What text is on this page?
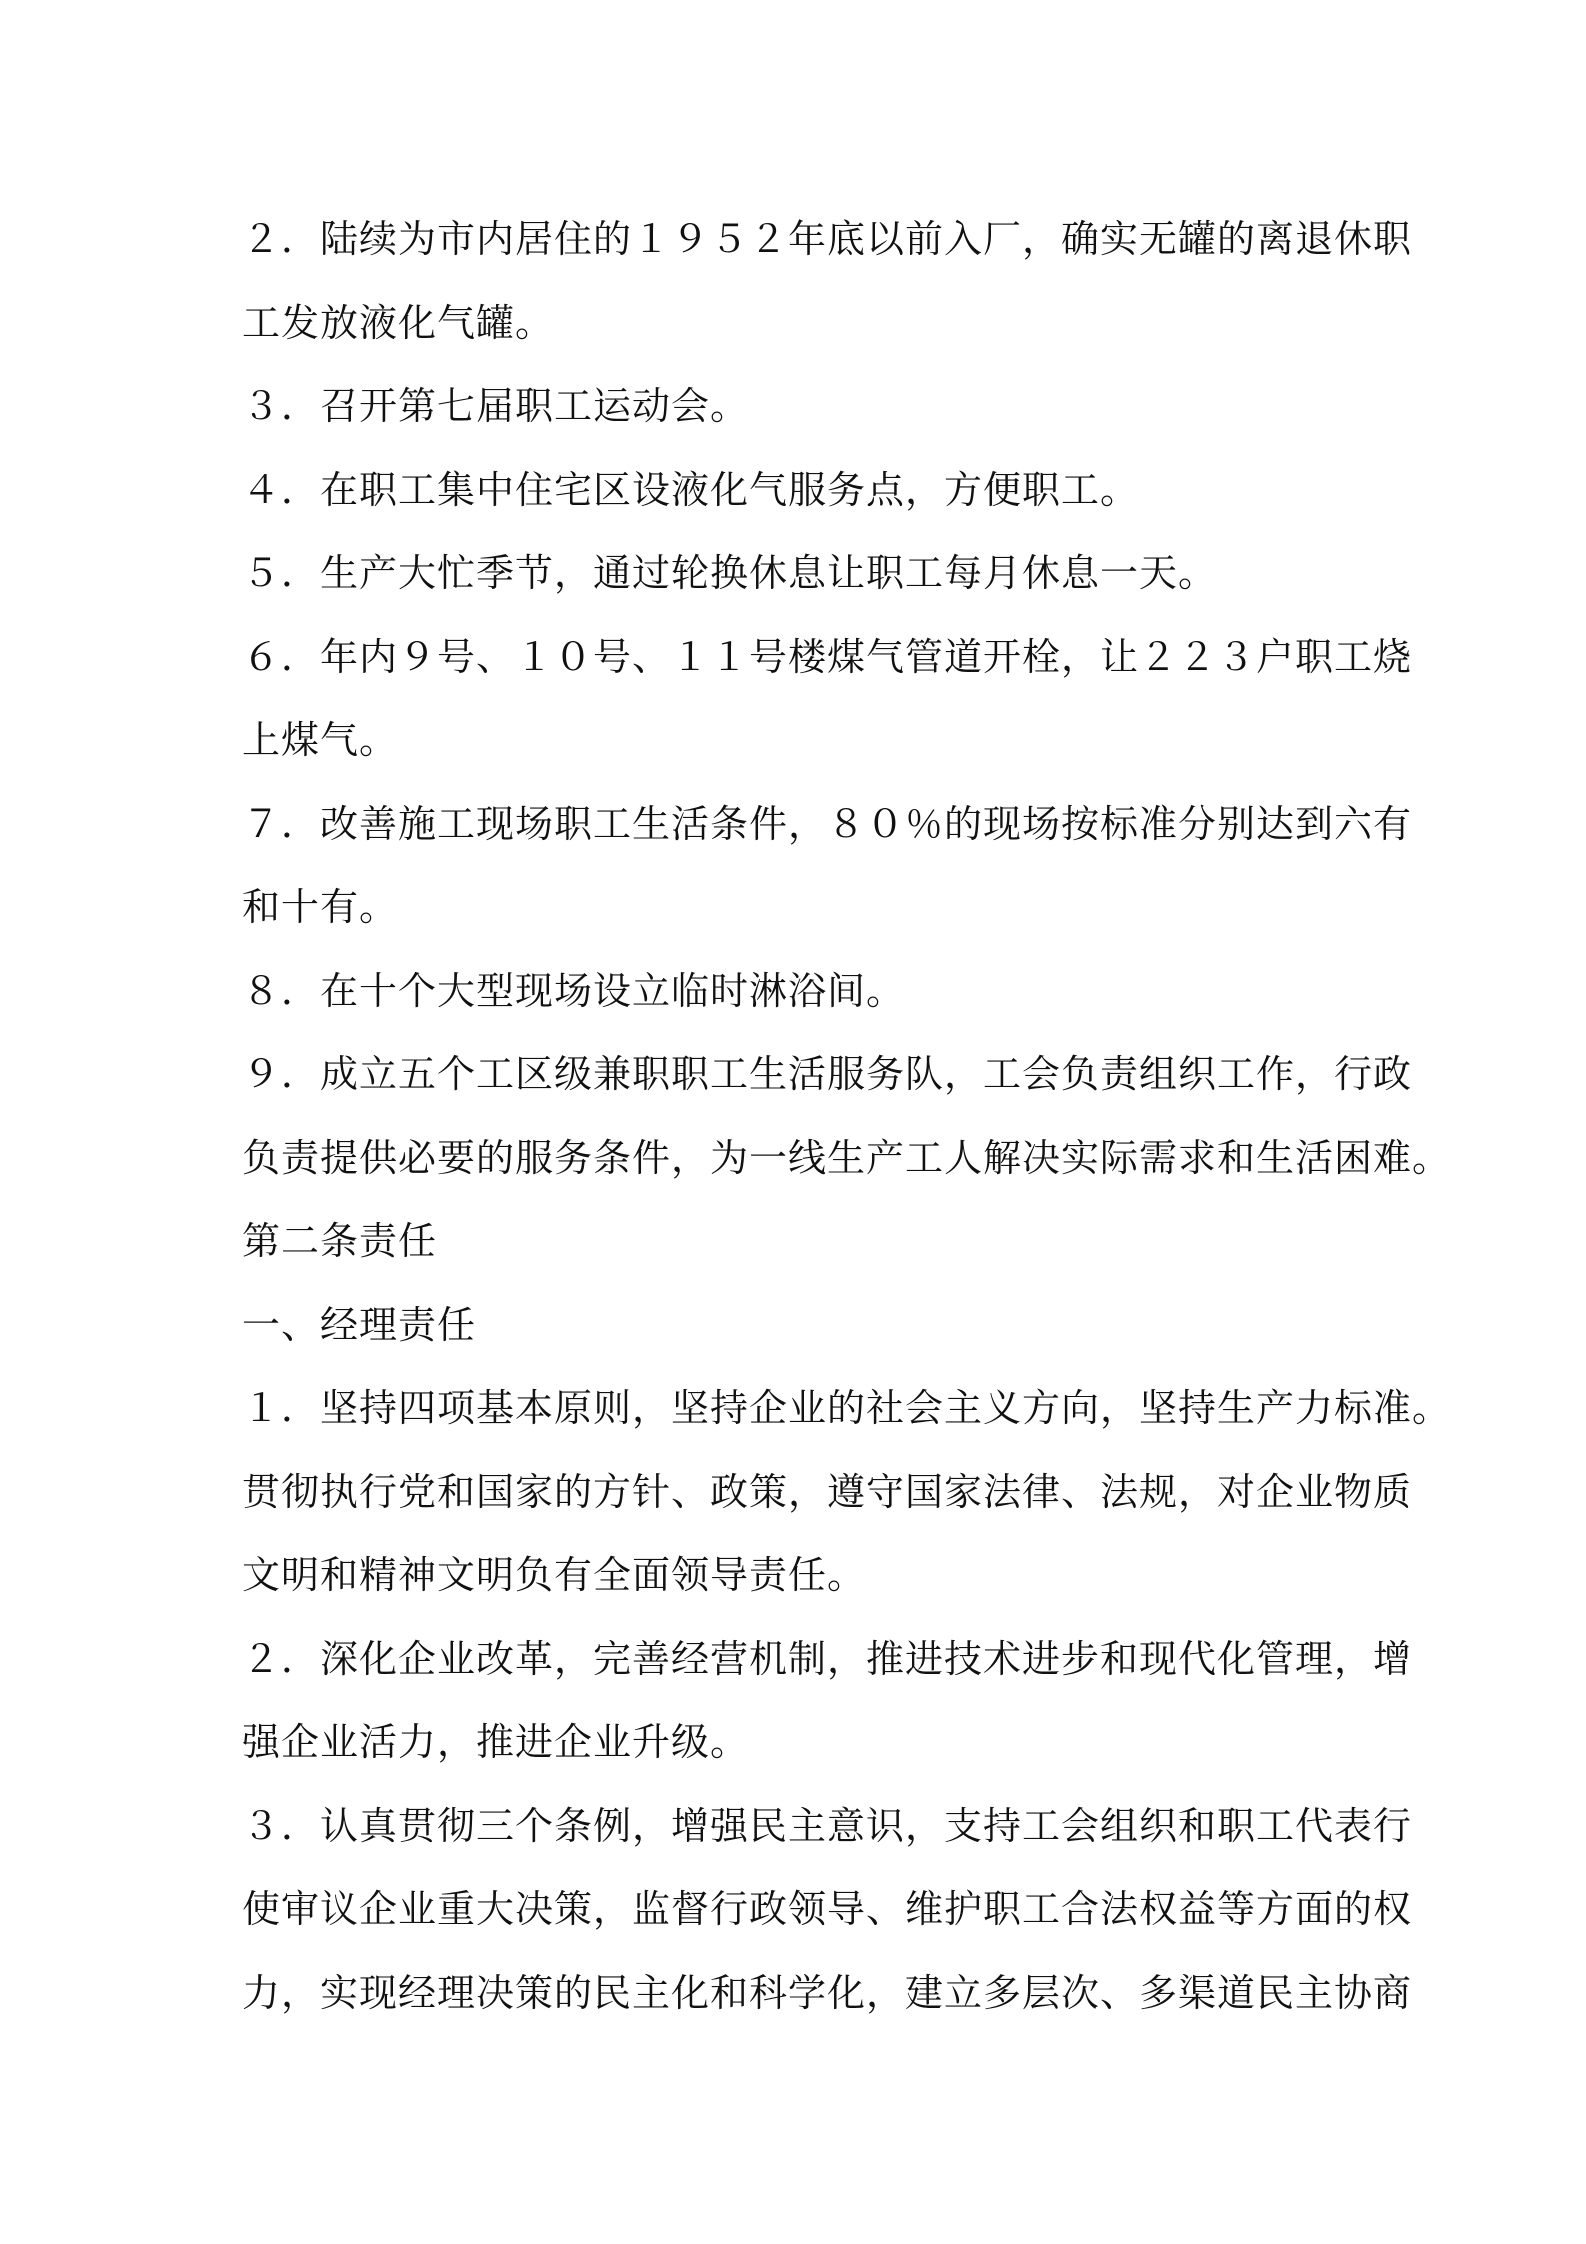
２．陆续为市内居住的１９５２年底以前入厂，确实无罐的离退休职
工发放液化气罐。
３．召开第七届职工运动会。
４．在职工集中住宅区设液化气服务点，方便职工。
５．生产大忙季节，通过轮换休息让职工每月休息一天。
６．年内９号、１０号、１１号楼煤气管道开栓，让２２３户职工烧
上煤气。
７．改善施工现场职工生活条件，８０％的现场按标准分别达到六有
和十有。
８．在十个大型现场设立临时淋浴间。
９．成立五个工区级兼职职工生活服务队，工会负责组织工作，行政
负责提供必要的服务条件，为一线生产工人解决实际需求和生活困难。
第二条责任
一、经理责任
１．坚持四项基本原则，坚持企业的社会主义方向，坚持生产力标准。
贯彻执行党和国家的方针、政策，遵守国家法律、法规，对企业物质
文明和精神文明负有全面领导责任。
２．深化企业改革，完善经营机制，推进技术进步和现代化管理，增
强企业活力，推进企业升级。
３．认真贯彻三个条例，增强民主意识，支持工会组织和职工代表行
使审议企业重大决策，监督行政领导、维护职工合法权益等方面的权
力，实现经理决策的民主化和科学化，建立多层次、多渠道民主协商
